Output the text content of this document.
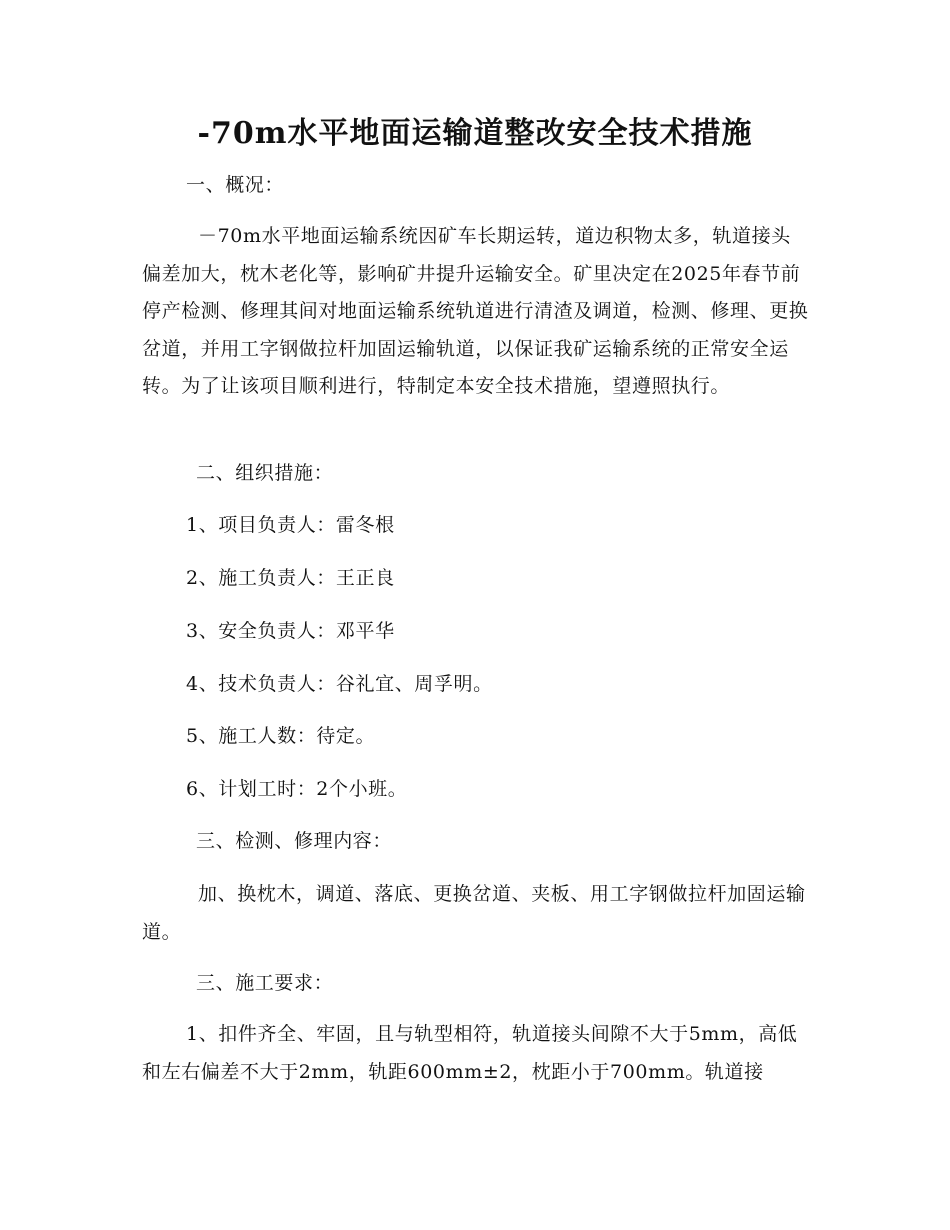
-70m水平地面运输道整改安全技术措施
一、概况：

－70m水平地面运输系统因矿车长期运转，道边积物太多，轨道接头偏差加大，枕木老化等，影响矿井提升运输安全。矿里决定在2025年春节前停产检测、修理其间对地面运输系统轨道进行清渣及调道，检测、修理、更换岔道，并用工字钢做拉杆加固运输轨道，以保证我矿运输系统的正常安全运转。为了让该项目顺利进行，特制定本安全技术措施，望遵照执行。

二、组织措施：
1、项目负责人：雷冬根
2、施工负责人：王正良
3、安全负责人：邓平华
4、技术负责人：谷礼宜、周孚明。
5、施工人数：待定。
6、计划工时：2个小班。
三、检测、修理内容：

加、换枕木，调道、落底、更换岔道、夹板、用工字钢做拉杆加固运输道。

三、施工要求：

1、扣件齐全、牢固，且与轨型相符，轨道接头间隙不大于5mm，高低和左右偏差不大于2mm，轨距600mm±2，枕距小于700mm。轨道接
